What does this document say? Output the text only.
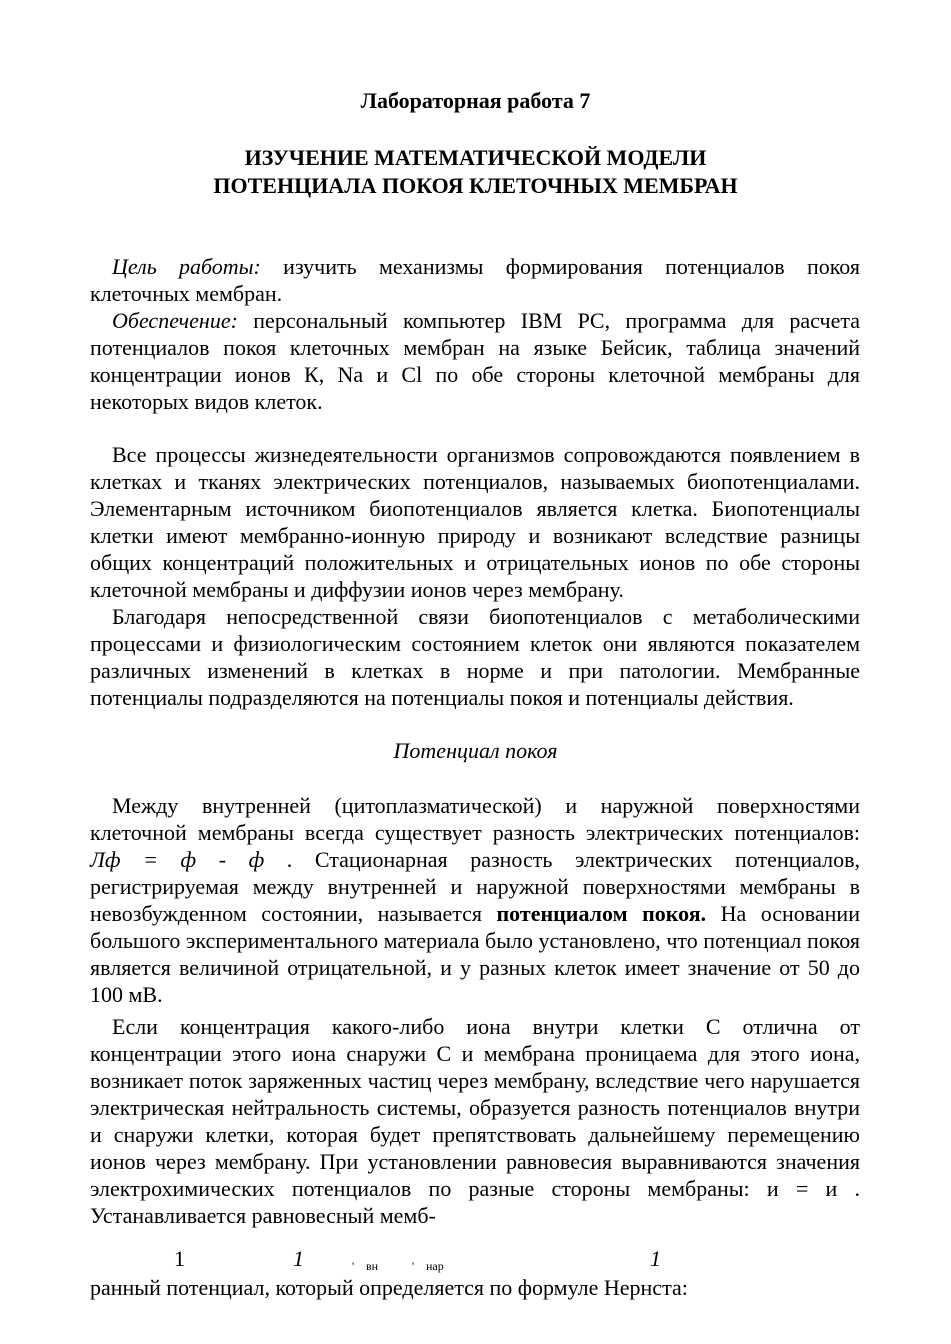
Лабораторная работа 7
ИЗУЧЕНИЕ МАТЕМАТИЧЕСКОЙ МОДЕЛИ
ПОТЕНЦИАЛА ПОКОЯ КЛЕТОЧНЫХ МЕМБРАН
Цель работы: изучить механизмы формирования потенциалов покоя клеточных мембран.
Обеспечение: персональный компьютер IBM PC, программа для расчета потенциалов покоя клеточных мембран на языке Бейсик, таблица значений концентрации ионов К, Na и Cl по обе стороны клеточной мембраны для некоторых видов клеток.
Все процессы жизнедеятельности организмов сопровождаются появлением в клетках и тканях электрических потенциалов, называемых биопотенциалами. Элементарным источником биопотенциалов является клетка. Биопотенциалы клетки имеют мембранно-ионную природу и возникают вследствие разницы общих концентраций положительных и отрицательных ионов по обе стороны клеточной мембраны и диффузии ионов через мембрану.
Благодаря непосредственной связи биопотенциалов с метаболическими процессами и физиологическим состоянием клеток они являются показателем различных изменений в клетках в норме и при патологии. Мембранные потенциалы подразделяются на потенциалы покоя и потенциалы действия.
Потенциал покоя
Между внутренней (цитоплазматической) и наружной поверхностями клеточной мембраны всегда существует разность электрических потенциалов: Лф = ф - ф . Стационарная разность электрических потенциалов, регистрируемая между внутренней и наружной поверхностями мембраны в невозбужденном состоянии, называется потенциалом покоя. На основании большого экспериментального материала было установлено, что потенциал покоя является величиной отрицательной, и у разных клеток имеет значение от 50 до 100 мВ.
Если концентрация какого-либо иона внутри клетки С отлична от концентрации этого иона снаружи С и мембрана проницаема для этого иона, возникает поток заряженных частиц через мембрану, вследствие чего нарушается электрическая нейтральность системы, образуется разность потенциалов внутри и снаружи клетки, которая будет препятствовать дальнейшему перемещению ионов через мембрану. При установлении равновесия выравниваются значения электрохимических потенциалов по разные стороны мембраны: и = и . Устанавливается равновесный мемб-
1	1	' вн	' нар	1
ранный потенциал, который определяется по формуле Нернста:
